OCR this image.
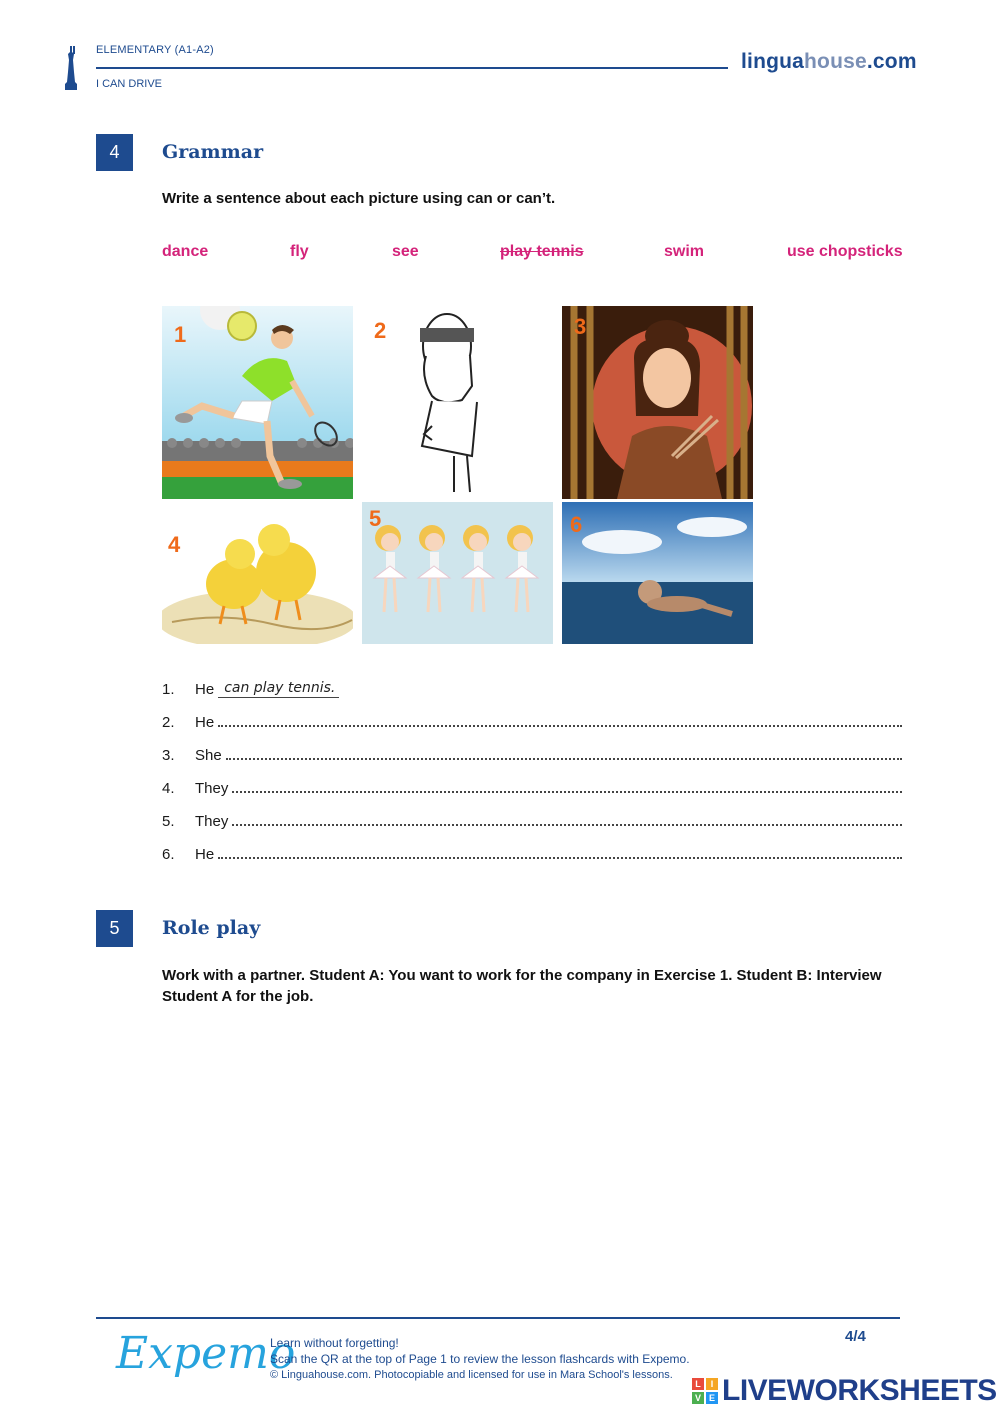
ELEMENTARY (A1-A2)
I CAN DRIVE
linguahouse.com
4	Grammar
Write a sentence about each picture using can or can’t.
dance	fly	see	play tennis	swim	use chopsticks
1	2	3
4
5	6
1.	He can play tennis.
2.	He
3.	She
4.	They
5.	They
6.	He
5	Role play
Work with a partner. Student A: You want to work for the company in Exercise 1. Student B: Interview Student A for the job.
Expemo
Learn without forgetting!
Scan the QR at the top of Page 1 to review the lesson flashcards with Expemo.
© Linguahouse.com. Photocopiable and licensed for use in Mara School's lessons.
4/4
L	I
V E LIVEWORKSHEETS
